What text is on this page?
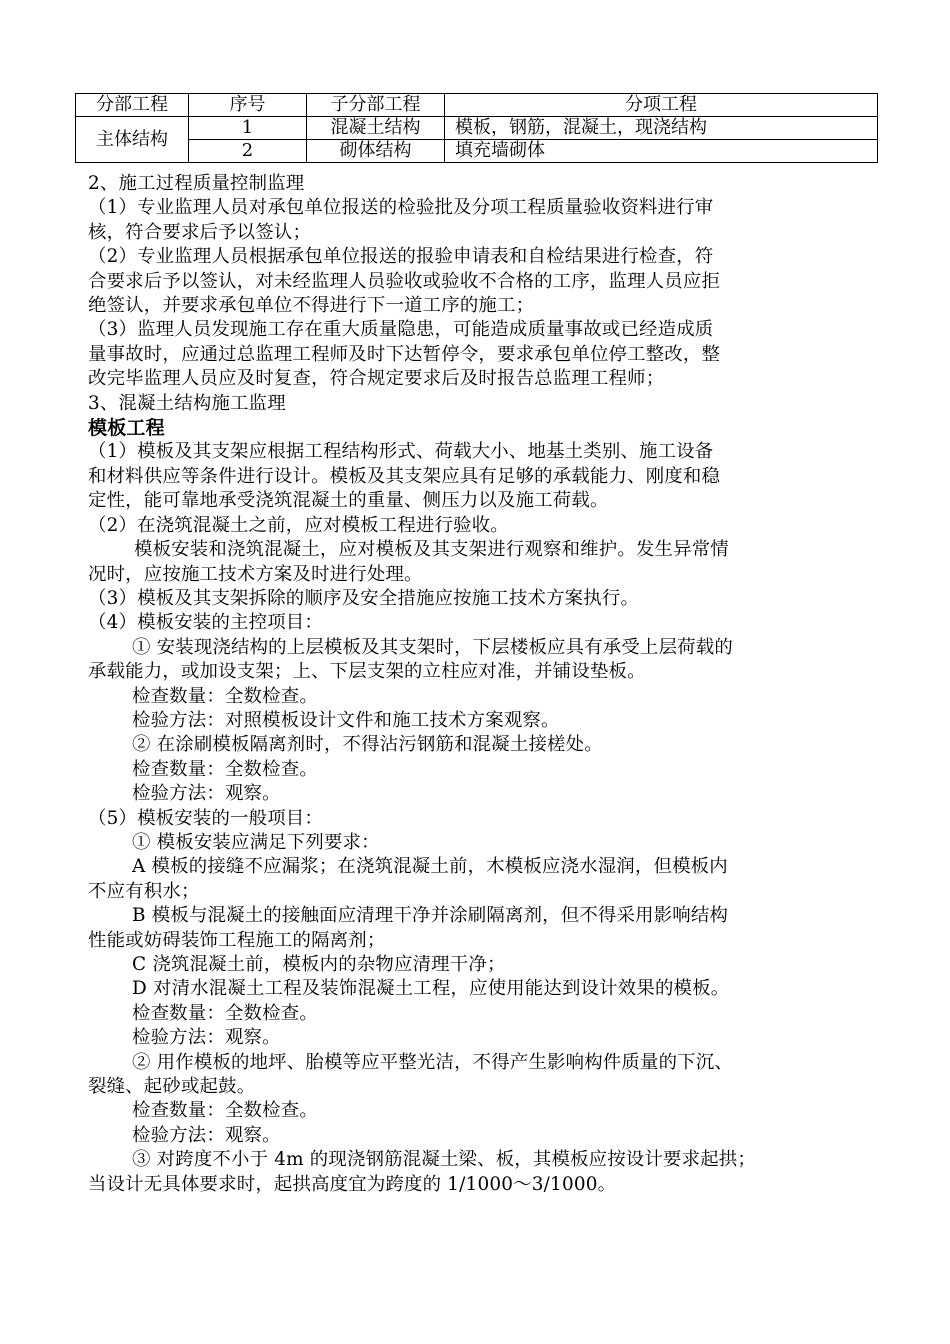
分部工程	序号	子分部工程	分项工程
主体结构	1	混凝土结构	模板，钢筋，混凝土，现浇结构
	2	砌体结构	填充墙砌体

2、施工过程质量控制监理

（1）专业监理人员对承包单位报送的检验批及分项工程质量验收资料进行审

核，符合要求后予以签认；

（2）专业监理人员根据承包单位报送的报验申请表和自检结果进行检查，符

合要求后予以签认，对未经监理人员验收或验收不合格的工序，监理人员应拒

绝签认，并要求承包单位不得进行下一道工序的施工；

（3）监理人员发现施工存在重大质量隐患，可能造成质量事故或已经造成质

量事故时，应通过总监理工程师及时下达暂停令，要求承包单位停工整改，整

改完毕监理人员应及时复查，符合规定要求后及时报告总监理工程师；

3、混凝土结构施工监理

模板工程

（1）模板及其支架应根据工程结构形式、荷载大小、地基土类别、施工设备

和材料供应等条件进行设计。模板及其支架应具有足够的承载能力、刚度和稳

定性，能可靠地承受浇筑混凝土的重量、侧压力以及施工荷载。

（2）在浇筑混凝土之前，应对模板工程进行验收。

模板安装和浇筑混凝土，应对模板及其支架进行观察和维护。发生异常情

况时，应按施工技术方案及时进行处理。

（3）模板及其支架拆除的顺序及安全措施应按施工技术方案执行。

（4）模板安装的主控项目：

① 安装现浇结构的上层模板及其支架时，下层楼板应具有承受上层荷载的

承载能力，或加设支架；上、下层支架的立柱应对准，并铺设垫板。

检查数量：全数检查。

检验方法：对照模板设计文件和施工技术方案观察。

② 在涂刷模板隔离剂时，不得沾污钢筋和混凝土接槎处。

检查数量：全数检查。

检验方法：观察。

（5）模板安装的一般项目：

① 模板安装应满足下列要求：

A 模板的接缝不应漏浆；在浇筑混凝土前，木模板应浇水湿润，但模板内

不应有积水；

B 模板与混凝土的接触面应清理干净并涂刷隔离剂，但不得采用影响结构

性能或妨碍装饰工程施工的隔离剂；

C 浇筑混凝土前，模板内的杂物应清理干净；

D 对清水混凝土工程及装饰混凝土工程，应使用能达到设计效果的模板。

检查数量：全数检查。

检验方法：观察。

② 用作模板的地坪、胎模等应平整光洁，不得产生影响构件质量的下沉、

裂缝、起砂或起鼓。

检查数量：全数检查。

检验方法：观察。

③ 对跨度不小于 4m 的现浇钢筋混凝土梁、板，其模板应按设计要求起拱；

当设计无具体要求时，起拱高度宜为跨度的 1/1000～3/1000。
